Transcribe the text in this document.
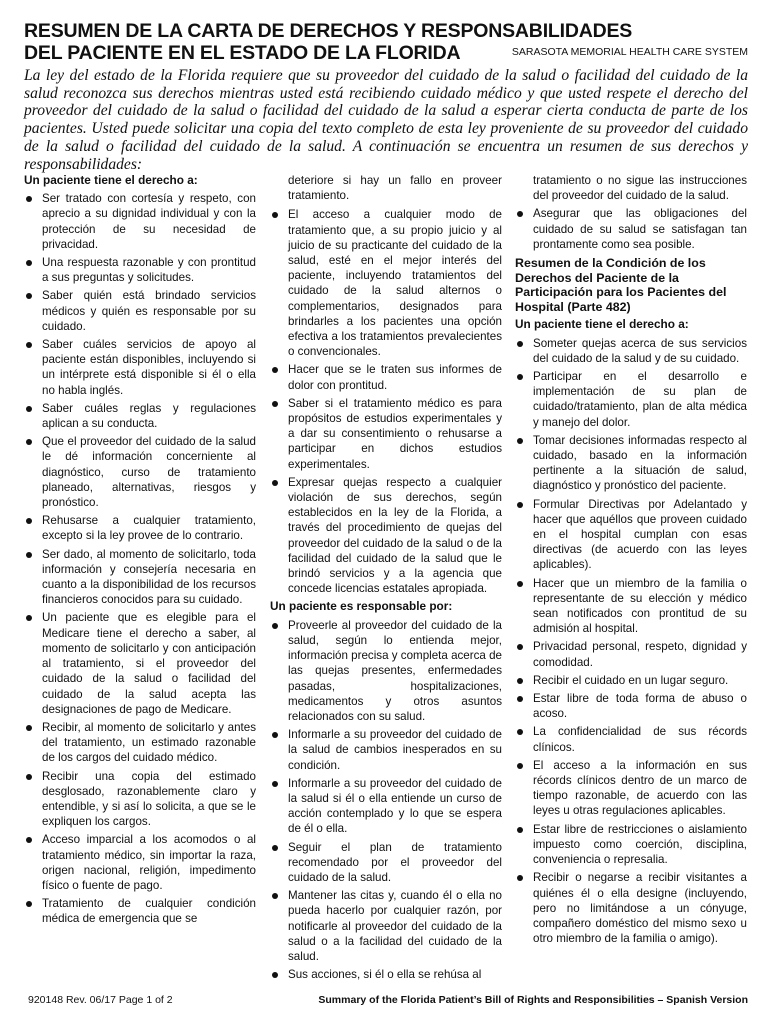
RESUMEN DE LA CARTA DE DERECHOS Y RESPONSABILIDADES
DEL PACIENTE EN EL ESTADO DE LA FLORIDA	SARASOTA MEMORIAL HEALTH CARE SYSTEM
La ley del estado de la Florida requiere que su proveedor del cuidado de la salud o facilidad del cuidado de la salud reconozca sus derechos mientras usted está recibiendo cuidado médico y que usted respete el derecho del proveedor del cuidado de la salud o facilidad del cuidado de la salud a esperar cierta conducta de parte de los pacientes. Usted puede solicitar una copia del texto completo de esta ley proveniente de su proveedor del cuidado de la salud o facilidad del cuidado de la salud. A continuación se encuentra un resumen de sus derechos y responsabilidades:
Un paciente tiene el derecho a:
Ser tratado con cortesía y respeto, con aprecio a su dignidad individual y con la protección de su necesidad de privacidad.
Una respuesta razonable y con prontitud a sus preguntas y solicitudes.
Saber quién está brindado servicios médicos y quién es responsable por su cuidado.
Saber cuáles servicios de apoyo al paciente están disponibles, incluyendo si un intérprete está disponible si él o ella no habla inglés.
Saber cuáles reglas y regulaciones aplican a su conducta.
Que el proveedor del cuidado de la salud le dé información concerniente al diagnóstico, curso de tratamiento planeado, alternativas, riesgos y pronóstico.
Rehusarse a cualquier tratamiento, excepto si la ley provee de lo contrario.
Ser dado, al momento de solicitarlo, toda información y consejería necesaria en cuanto a la disponibilidad de los recursos financieros conocidos para su cuidado.
Un paciente que es elegible para el Medicare tiene el derecho a saber, al momento de solicitarlo y con anticipación al tratamiento, si el proveedor del cuidado de la salud o facilidad del cuidado de la salud acepta las designaciones de pago de Medicare.
Recibir, al momento de solicitarlo y antes del tratamiento, un estimado razonable de los cargos del cuidado médico.
Recibir una copia del estimado desglosado, razonablemente claro y entendible, y si así lo solicita, a que se le expliquen los cargos.
Acceso imparcial a los acomodos o al tratamiento médico, sin importar la raza, origen nacional, religión, impedimento físico o fuente de pago.
Tratamiento de cualquier condición médica de emergencia que se
deteriore si hay un fallo en proveer tratamiento.
El acceso a cualquier modo de tratamiento que, a su propio juicio y al juicio de su practicante del cuidado de la salud, esté en el mejor interés del paciente, incluyendo tratamientos del cuidado de la salud alternos o complementarios, designados para brindarles a los pacientes una opción efectiva a los tratamientos prevalecientes o convencionales.
Hacer que se le traten sus informes de dolor con prontitud.
Saber si el tratamiento médico es para propósitos de estudios experimentales y a dar su consentimiento o rehusarse a participar en dichos estudios experimentales.
Expresar quejas respecto a cualquier violación de sus derechos, según establecidos en la ley de la Florida, a través del procedimiento de quejas del proveedor del cuidado de la salud o de la facilidad del cuidado de la salud que le brindó servicios y a la agencia que concede licencias estatales apropiada.
Un paciente es responsable por:
Proveerle al proveedor del cuidado de la salud, según lo entienda mejor, información precisa y completa acerca de las quejas presentes, enfermedades pasadas, hospitalizaciones, medicamentos y otros asuntos relacionados con su salud.
Informarle a su proveedor del cuidado de la salud de cambios inesperados en su condición.
Informarle a su proveedor del cuidado de la salud si él o ella entiende un curso de acción contemplado y lo que se espera de él o ella.
Seguir el plan de tratamiento recomendado por el proveedor del cuidado de la salud.
Mantener las citas y, cuando él o ella no pueda hacerlo por cualquier razón, por notificarle al proveedor del cuidado de la salud o a la facilidad del cuidado de la salud.
Sus acciones, si él o ella se rehúsa al
tratamiento o no sigue las instrucciones del proveedor del cuidado de la salud.
Asegurar que las obligaciones del cuidado de su salud se satisfagan tan prontamente como sea posible.
Resumen de la Condición de los Derechos del Paciente de la Participación para los Pacientes del Hospital (Parte 482)
Un paciente tiene el derecho a:
Someter quejas acerca de sus servicios del cuidado de la salud y de su cuidado.
Participar en el desarrollo e implementación de su plan de cuidado/tratamiento, plan de alta médica y manejo del dolor.
Tomar decisiones informadas respecto al cuidado, basado en la información pertinente a la situación de salud, diagnóstico y pronóstico del paciente.
Formular Directivas por Adelantado y hacer que aquéllos que proveen cuidado en el hospital cumplan con esas directivas (de acuerdo con las leyes aplicables).
Hacer que un miembro de la familia o representante de su elección y médico sean notificados con prontitud de su admisión al hospital.
Privacidad personal, respeto, dignidad y comodidad.
Recibir el cuidado en un lugar seguro.
Estar libre de toda forma de abuso o acoso.
La confidencialidad de sus récords clínicos.
El acceso a la información en sus récords clínicos dentro de un marco de tiempo razonable, de acuerdo con las leyes u otras regulaciones aplicables.
Estar libre de restricciones o aislamiento impuesto como coerción, disciplina, conveniencia o represalia.
Recibir o negarse a recibir visitantes a quiénes él o ella designe (incluyendo, pero no limitándose a un cónyuge, compañero doméstico del mismo sexo u otro miembro de la familia o amigo).
920148 Rev. 06/17 Page 1 of 2	Summary of the Florida Patient’s Bill of Rights and Responsibilities – Spanish Version
